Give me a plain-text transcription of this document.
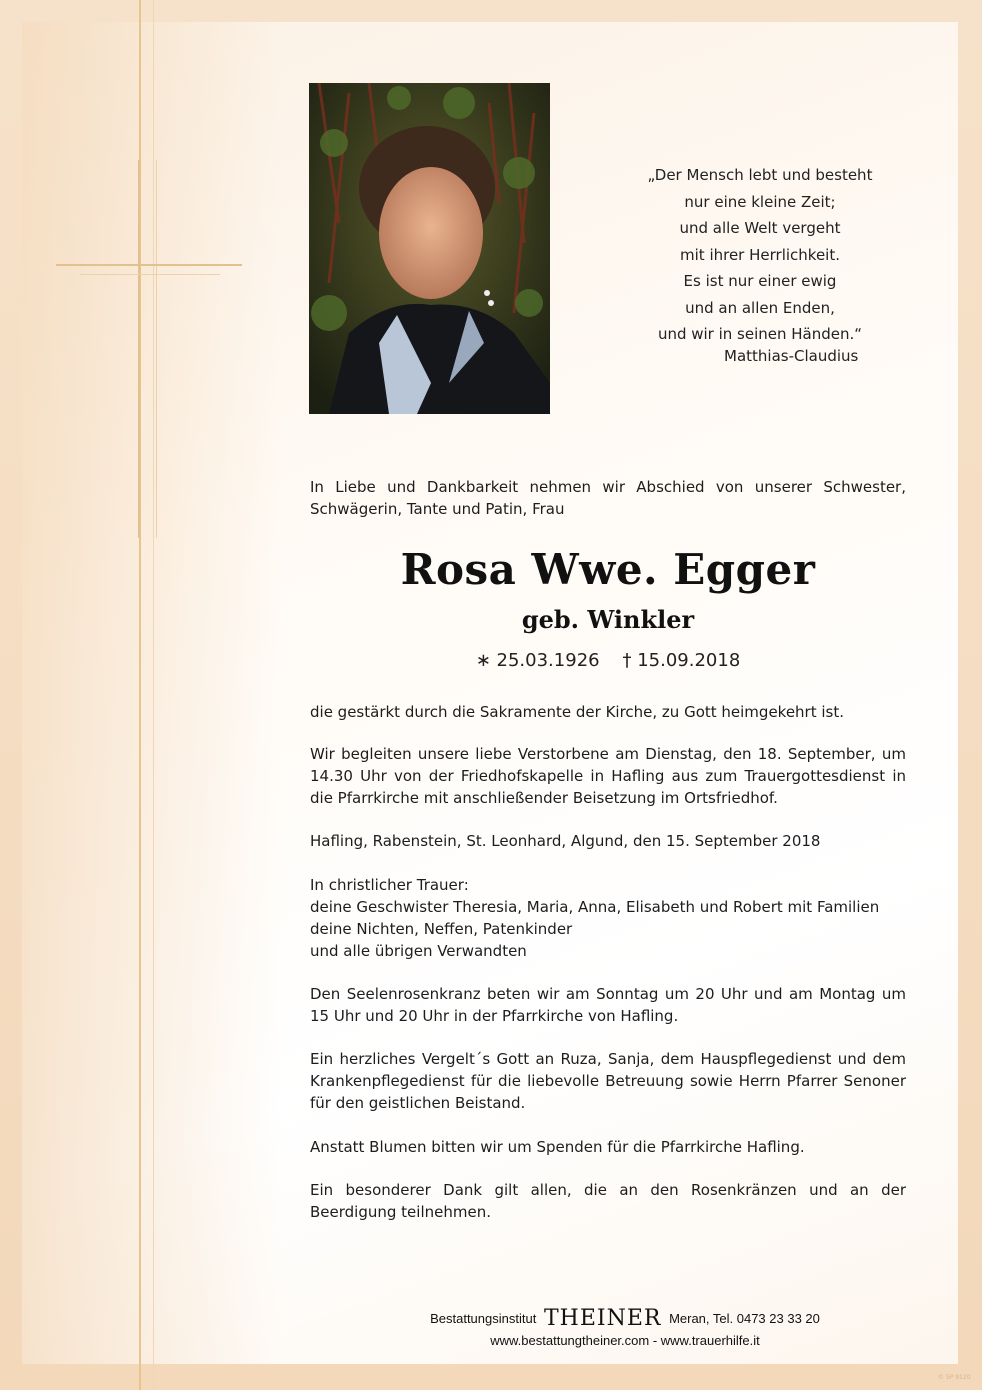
„Der Mensch lebt und besteht
nur eine kleine Zeit;
und alle Welt vergeht
mit ihrer Herrlichkeit.
Es ist nur einer ewig
und an allen Enden,
und wir in seinen Händen.“
Matthias-Claudius
In Liebe und Dankbarkeit nehmen wir Abschied von unserer Schwester, Schwägerin, Tante und Patin, Frau
Rosa Wwe. Egger
geb. Winkler
∗ 25.03.1926 † 15.09.2018
die gestärkt durch die Sakramente der Kirche, zu Gott heimgekehrt ist.
Wir begleiten unsere liebe Verstorbene am Dienstag, den 18. September, um 14.30 Uhr von der Friedhofskapelle in Hafling aus zum Trauergottesdienst in die Pfarrkirche mit anschließender Beisetzung im Ortsfriedhof.
Hafling, Rabenstein, St. Leonhard, Algund, den 15. September 2018
In christlicher Trauer:
deine Geschwister Theresia, Maria, Anna, Elisabeth und Robert mit Familien
deine Nichten, Neffen, Patenkinder
und alle übrigen Verwandten
Den Seelenrosenkranz beten wir am Sonntag um 20 Uhr und am Montag um 15 Uhr und 20 Uhr in der Pfarrkirche von Hafling.
Ein herzliches Vergelt´s Gott an Ruza, Sanja, dem Hauspflegedienst und dem Krankenpflegedienst für die liebevolle Betreuung sowie Herrn Pfarrer Senoner für den geistlichen Beistand.
Anstatt Blumen bitten wir um Spenden für die Pfarrkirche Hafling.
Ein besonderer Dank gilt allen, die an den Rosenkränzen und an der Beerdigung teilnehmen.
Bestattungsinstitut THEINER Meran, Tel. 0473 23 33 20
www.bestattungtheiner.com - www.trauerhilfe.it
© SP 9120
